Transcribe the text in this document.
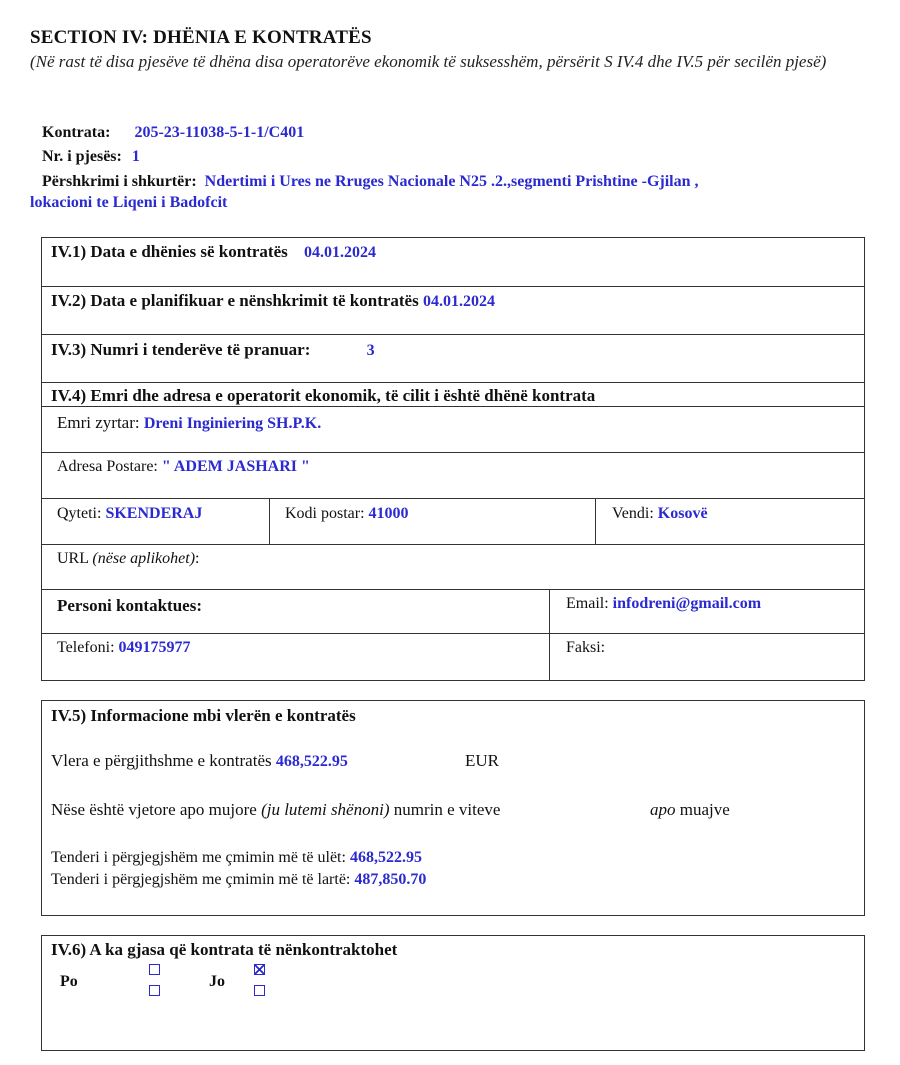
SECTION IV: DHËNIA E KONTRATËS
(Në rast të disa pjesëve të dhëna disa operatorëve ekonomik të suksesshëm, përsërit S IV.4 dhe IV.5 për secilën pjesë)
Kontrata: 205-23-11038-5-1-1/C401
Nr. i pjesës: 1
Përshkrimi i shkurtër: Ndertimi i Ures ne Rruges Nacionale N25 .2.,segmenti Prishtine -Gjilan ,
lokacioni te Liqeni i Badofcit
IV.1) Data e dhënies së kontratës 04.01.2024
IV.2) Data e planifikuar e nënshkrimit të kontratës 04.01.2024
IV.3) Numri i tenderëve të pranuar:	3
IV.4) Emri dhe adresa e operatorit ekonomik, të cilit i është dhënë kontrata
Emri zyrtar: Dreni Inginiering SH.P.K.
Adresa Postare: " ADEM JASHARI "
Qyteti: SKENDERAJ	Kodi postar: 41000	Vendi: Kosovë
URL (nëse aplikohet):
Personi kontaktues:	Email: infodreni@gmail.com
Telefoni: 049175977	Faksi:
IV.5) Informacione mbi vlerën e kontratës
Vlera e përgjithshme e kontratës 468,522.95	EUR
Nëse është vjetore apo mujore (ju lutemi shënoni) numrin e viteve	apo muajve
Tenderi i përgjegjshëm me çmimin më të ulët: 468,522.95
Tenderi i përgjegjshëm me çmimin më të lartë: 487,850.70
IV.6) A ka gjasa që kontrata të nënkontraktohet
Po	Jo
